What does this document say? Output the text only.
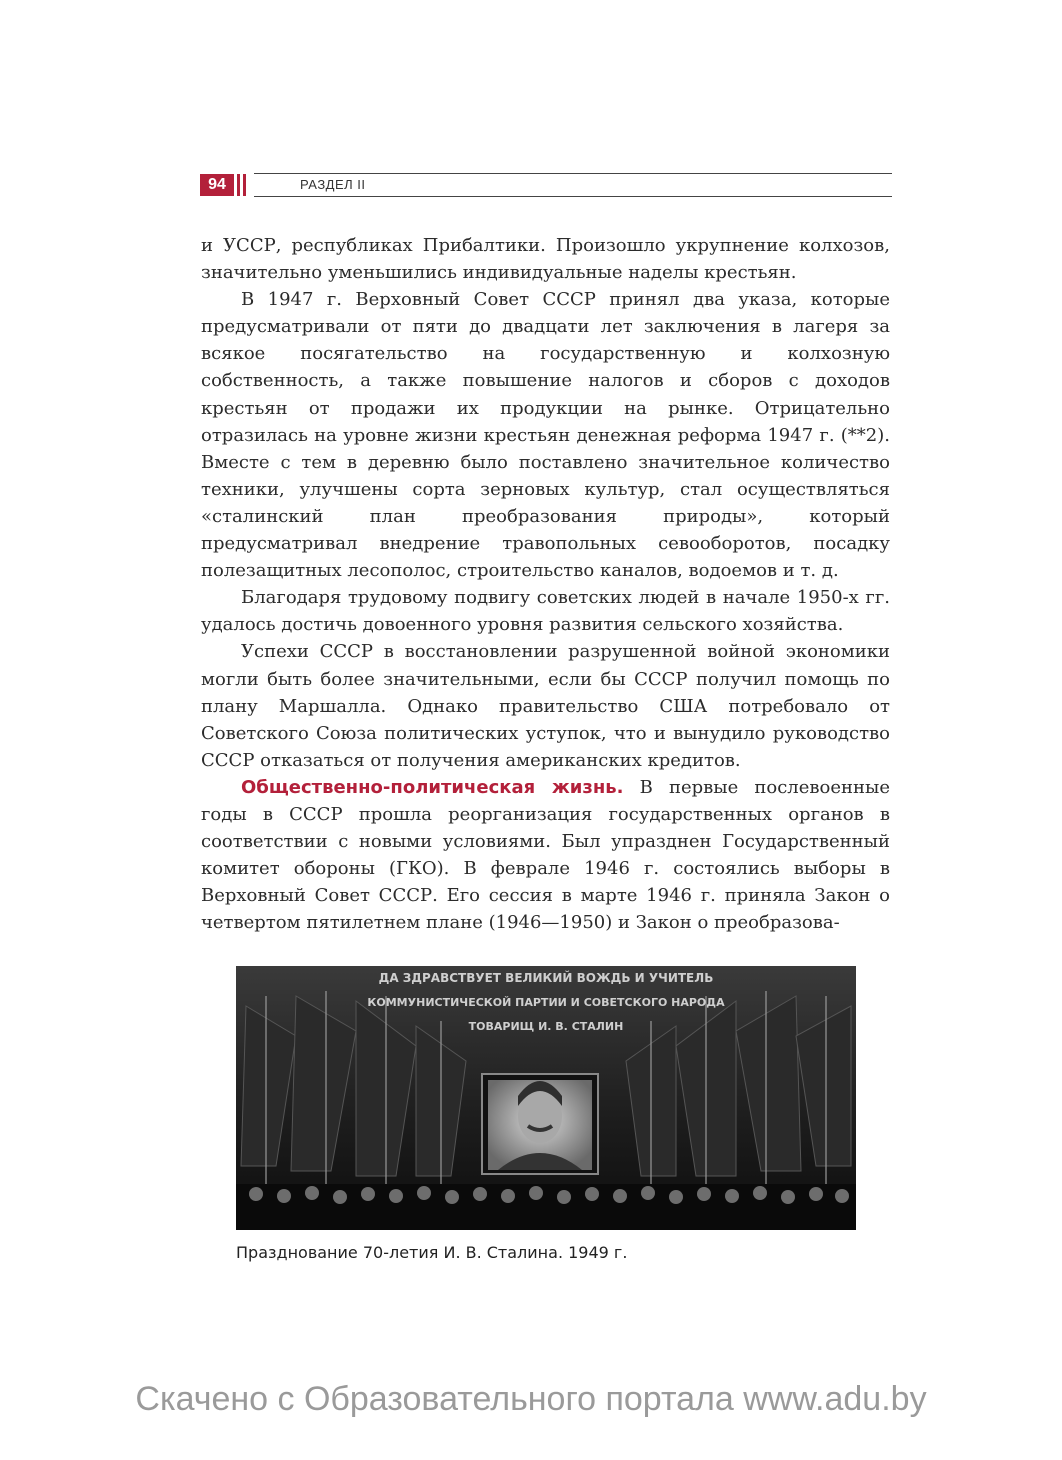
94	РАЗДЕЛ II

и УССР, республиках Прибалтики. Произошло укрупнение колхозов, значительно уменьшились индивидуальные наделы крестьян.

В 1947 г. Верховный Совет СССР принял два указа, которые предусматривали от пяти до двадцати лет заключения в лагеря за всякое посягательство на государственную и колхозную собственность, а также повышение налогов и сборов с доходов крестьян от продажи их продукции на рынке. Отрицательно отразилась на уровне жизни крестьян денежная реформа 1947 г. (**2). Вместе с тем в деревню было поставлено значительное количество техники, улучшены сорта зерновых культур, стал осуществляться «сталинский план преобразования природы», который предусматривал внедрение травопольных севооборотов, посадку полезащитных лесополос, строительство каналов, водоемов и т. д.

Благодаря трудовому подвигу советских людей в начале 1950-х гг. удалось достичь довоенного уровня развития сельского хозяйства.

Успехи СССР в восстановлении разрушенной войной экономики могли быть более значительными, если бы СССР получил помощь по плану Маршалла. Однако правительство США потребовало от Советского Союза политических уступок, что и вынудило руководство СССР отказаться от получения американских кредитов.

Общественно-политическая жизнь. В первые послевоенные годы в СССР прошла реорганизация государственных органов в соответствии с новыми условиями. Был упразднен Государственный комитет обороны (ГКО). В феврале 1946 г. состоялись выборы в Верховный Совет СССР. Его сессия в марте 1946 г. приняла Закон о четвертом пятилетнем плане (1946—1950) и Закон о преобразова-

ДА ЗДРАВСТВУЕТ ВЕЛИКИЙ ВОЖДЬ И УЧИТЕЛЬ
КОММУНИСТИЧЕСКОЙ ПАРТИИ И СОВЕТСКОГО НАРОДА
ТОВАРИЩ И. В. СТАЛИН
Празднование 70-летия И. В. Сталина. 1949 г.
Скачено с Образовательного портала www.adu.by
